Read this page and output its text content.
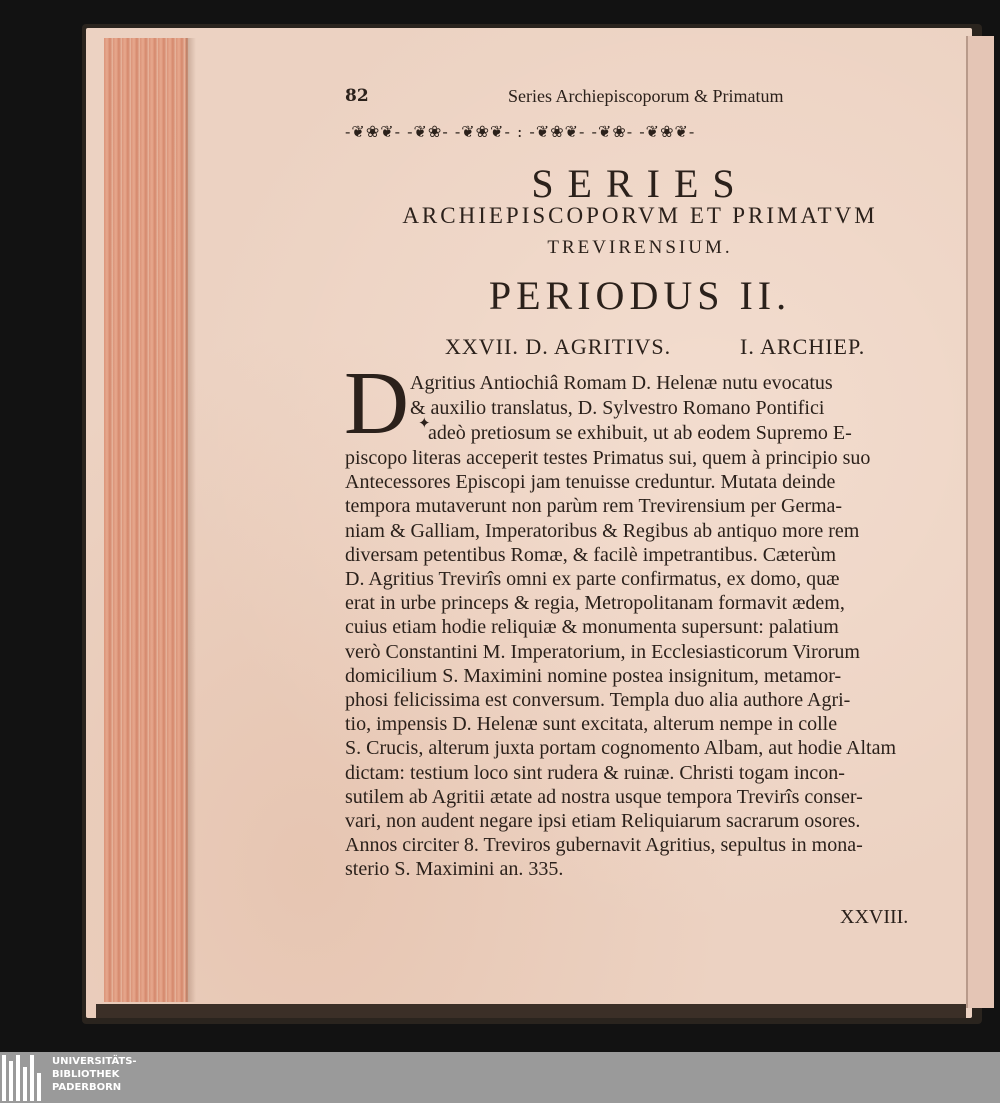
82	Series Archiepiscoporum & Primatum
-❦❀❦- -❦❀- -❦❀❦- : -❦❀❦- -❦❀- -❦❀❦-
SERIES
ARCHIEPISCOPORVM ET PRIMATVM
TREVIRENSIUM.
PERIODUS II.
XXVII. D. AGRITIVS.	I. ARCHIEP.
D ✦
Agritius Antiochiâ Romam D. Helenæ nutu evocatus
& auxilio translatus, D. Sylvestro Romano Pontifici
adeò pretiosum se exhibuit, ut ab eodem Supremo E-
piscopo literas acceperit testes Primatus sui, quem à principio suo
Antecessores Episcopi jam tenuisse creduntur. Mutata deinde
tempora mutaverunt non parùm rem Trevirensium per Germa-
niam & Galliam, Imperatoribus & Regibus ab antiquo more rem
diversam petentibus Romæ, & facilè impetrantibus. Cæterùm
D. Agritius Trevirîs omni ex parte confirmatus, ex domo, quæ
erat in urbe princeps & regia, Metropolitanam formavit ædem,
cuius etiam hodie reliquiæ & monumenta supersunt: palatium
verò Constantini M. Imperatorium, in Ecclesiasticorum Virorum
domicilium S. Maximini nomine postea insignitum, metamor-
phosi felicissima est conversum. Templa duo alia authore Agri-
tio, impensis D. Helenæ sunt excitata, alterum nempe in colle
S. Crucis, alterum juxta portam cognomento Albam, aut hodie Altam
dictam: testium loco sint rudera & ruinæ. Christi togam incon-
sutilem ab Agritii ætate ad nostra usque tempora Trevirîs conser-
vari, non audent negare ipsi etiam Reliquiarum sacrarum osores.
Annos circiter 8. Treviros gubernavit Agritius, sepultus in mona-
sterio S. Maximini an. 335.
XXVIII.
UNIVERSITÄTS-
BIBLIOTHEK
PADERBORN
